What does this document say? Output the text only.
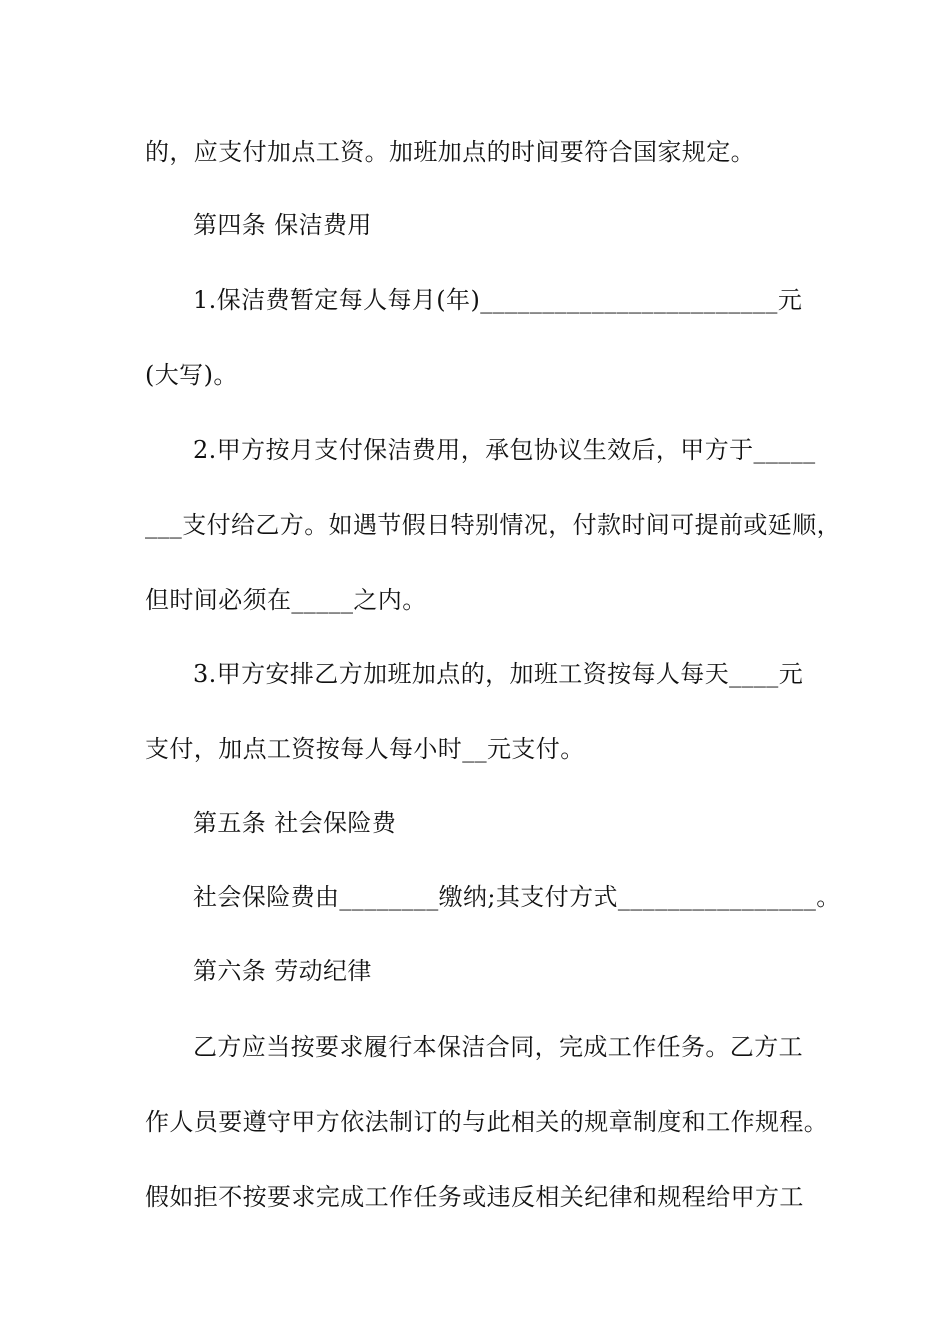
的，应支付加点工资。加班加点的时间要符合国家规定。

第四条 保洁费用

1.保洁费暂定每人每月(年)________________________元

(大写)。

2.甲方按月支付保洁费用，承包协议生效后，甲方于_____

___支付给乙方。如遇节假日特别情况，付款时间可提前或延顺，

但时间必须在_____之内。

3.甲方安排乙方加班加点的，加班工资按每人每天____元

支付，加点工资按每人每小时__元支付。

第五条 社会保险费

社会保险费由________缴纳;其支付方式________________。

第六条 劳动纪律

乙方应当按要求履行本保洁合同，完成工作任务。乙方工

作人员要遵守甲方依法制订的与此相关的规章制度和工作规程。

假如拒不按要求完成工作任务或违反相关纪律和规程给甲方工
